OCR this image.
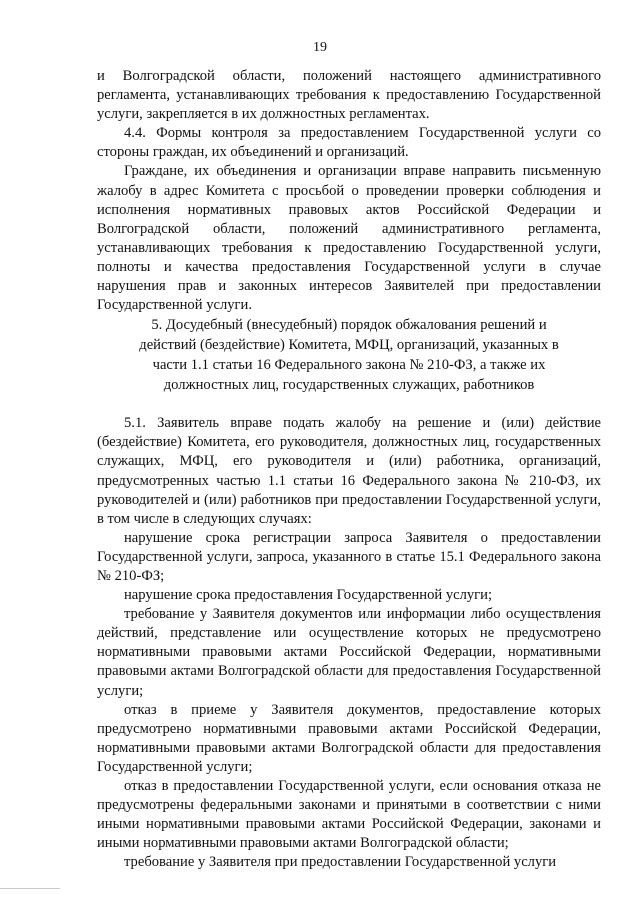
19

и Волгоградской области, положений настоящего административного регламента, устанавливающих требования к предоставлению Государственной услуги, закрепляется в их должностных регламентах.

4.4. Формы контроля за предоставлением Государственной услуги со стороны граждан, их объединений и организаций.

Граждане, их объединения и организации вправе направить письменную жалобу в адрес Комитета с просьбой о проведении проверки соблюдения и исполнения нормативных правовых актов Российской Федерации и Волгоградской области, положений административного регламента, устанавливающих требования к предоставлению Государственной услуги, полноты и качества предоставления Государственной услуги в случае нарушения прав и законных интересов Заявителей при предоставлении Государственной услуги.

5. Досудебный (внесудебный) порядок обжалования решений и действий (бездействие) Комитета, МФЦ, организаций, указанных в части 1.1 статьи 16 Федерального закона № 210-ФЗ, а также их должностных лиц, государственных служащих, работников

5.1. Заявитель вправе подать жалобу на решение и (или) действие (бездействие) Комитета, его руководителя, должностных лиц, государственных служащих, МФЦ, его руководителя и (или) работника, организаций, предусмотренных частью 1.1 статьи 16 Федерального закона № 210-ФЗ, их руководителей и (или) работников при предоставлении Государственной услуги, в том числе в следующих случаях:

нарушение срока регистрации запроса Заявителя о предоставлении Государственной услуги, запроса, указанного в статье 15.1 Федерального закона № 210-ФЗ;

нарушение срока предоставления Государственной услуги;

требование у Заявителя документов или информации либо осуществления действий, представление или осуществление которых не предусмотрено нормативными правовыми актами Российской Федерации, нормативными правовыми актами Волгоградской области для предоставления Государственной услуги;

отказ в приеме у Заявителя документов, предоставление которых предусмотрено нормативными правовыми актами Российской Федерации, нормативными правовыми актами Волгоградской области для предоставления Государственной услуги;

отказ в предоставлении Государственной услуги, если основания отказа не предусмотрены федеральными законами и принятыми в соответствии с ними иными нормативными правовыми актами Российской Федерации, законами и иными нормативными правовыми актами Волгоградской области;

требование у Заявителя при предоставлении Государственной услуги
